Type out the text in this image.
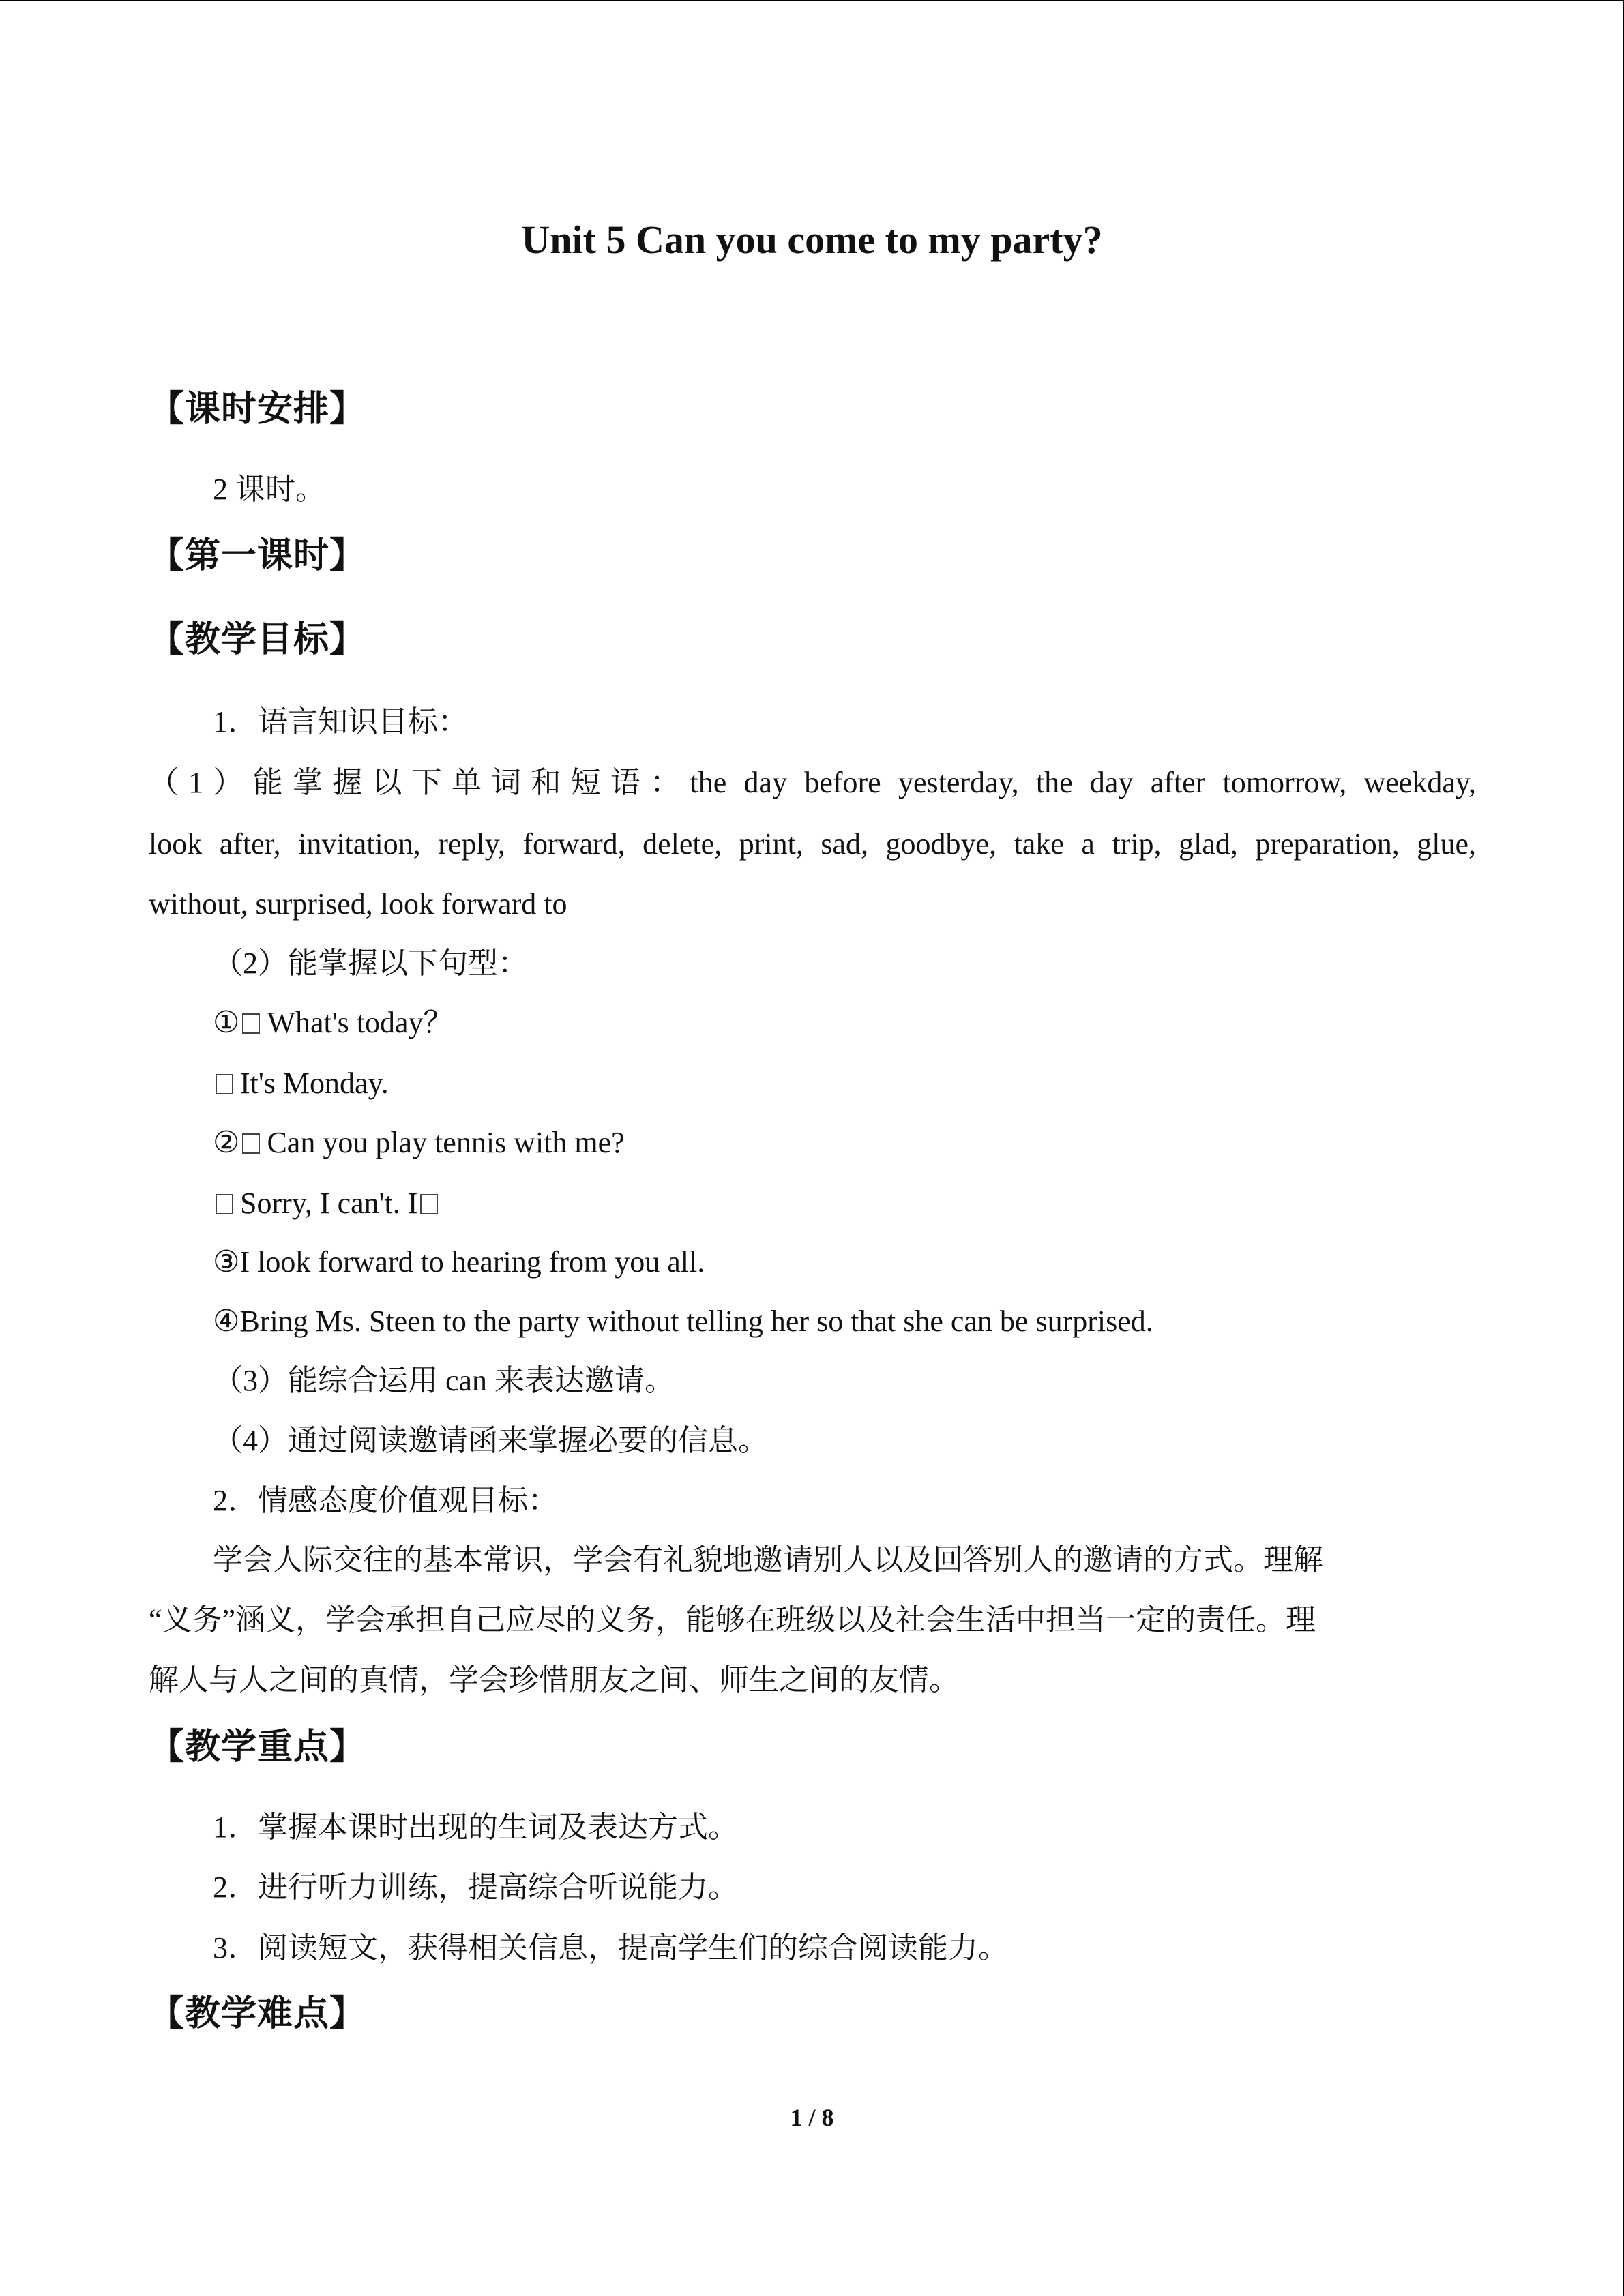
Unit 5 Can you come to my party?
【课时安排】
2 课时。
【第一课时】
【教学目标】
1．语言知识目标：
（1）能掌握以下单词和短语：the day before yesterday, the day after tomorrow, weekday,
look after, invitation, reply, forward, delete, print, sad, goodbye, take a trip, glad, preparation, glue,
without, surprised, look forward to
（2）能掌握以下句型：
① What's today？
It's Monday.
② Can you play tennis with me?
Sorry, I can't. I
③I look forward to hearing from you all.
④Bring Ms. Steen to the party without telling her so that she can be surprised.
（3）能综合运用 can 来表达邀请。
（4）通过阅读邀请函来掌握必要的信息。
2．情感态度价值观目标：
学会人际交往的基本常识，学会有礼貌地邀请别人以及回答别人的邀请的方式。理解
“义务”涵义，学会承担自己应尽的义务，能够在班级以及社会生活中担当一定的责任。理
解人与人之间的真情，学会珍惜朋友之间、师生之间的友情。
【教学重点】
1．掌握本课时出现的生词及表达方式。
2．进行听力训练，提高综合听说能力。
3．阅读短文，获得相关信息，提高学生们的综合阅读能力。
【教学难点】
1 / 8
